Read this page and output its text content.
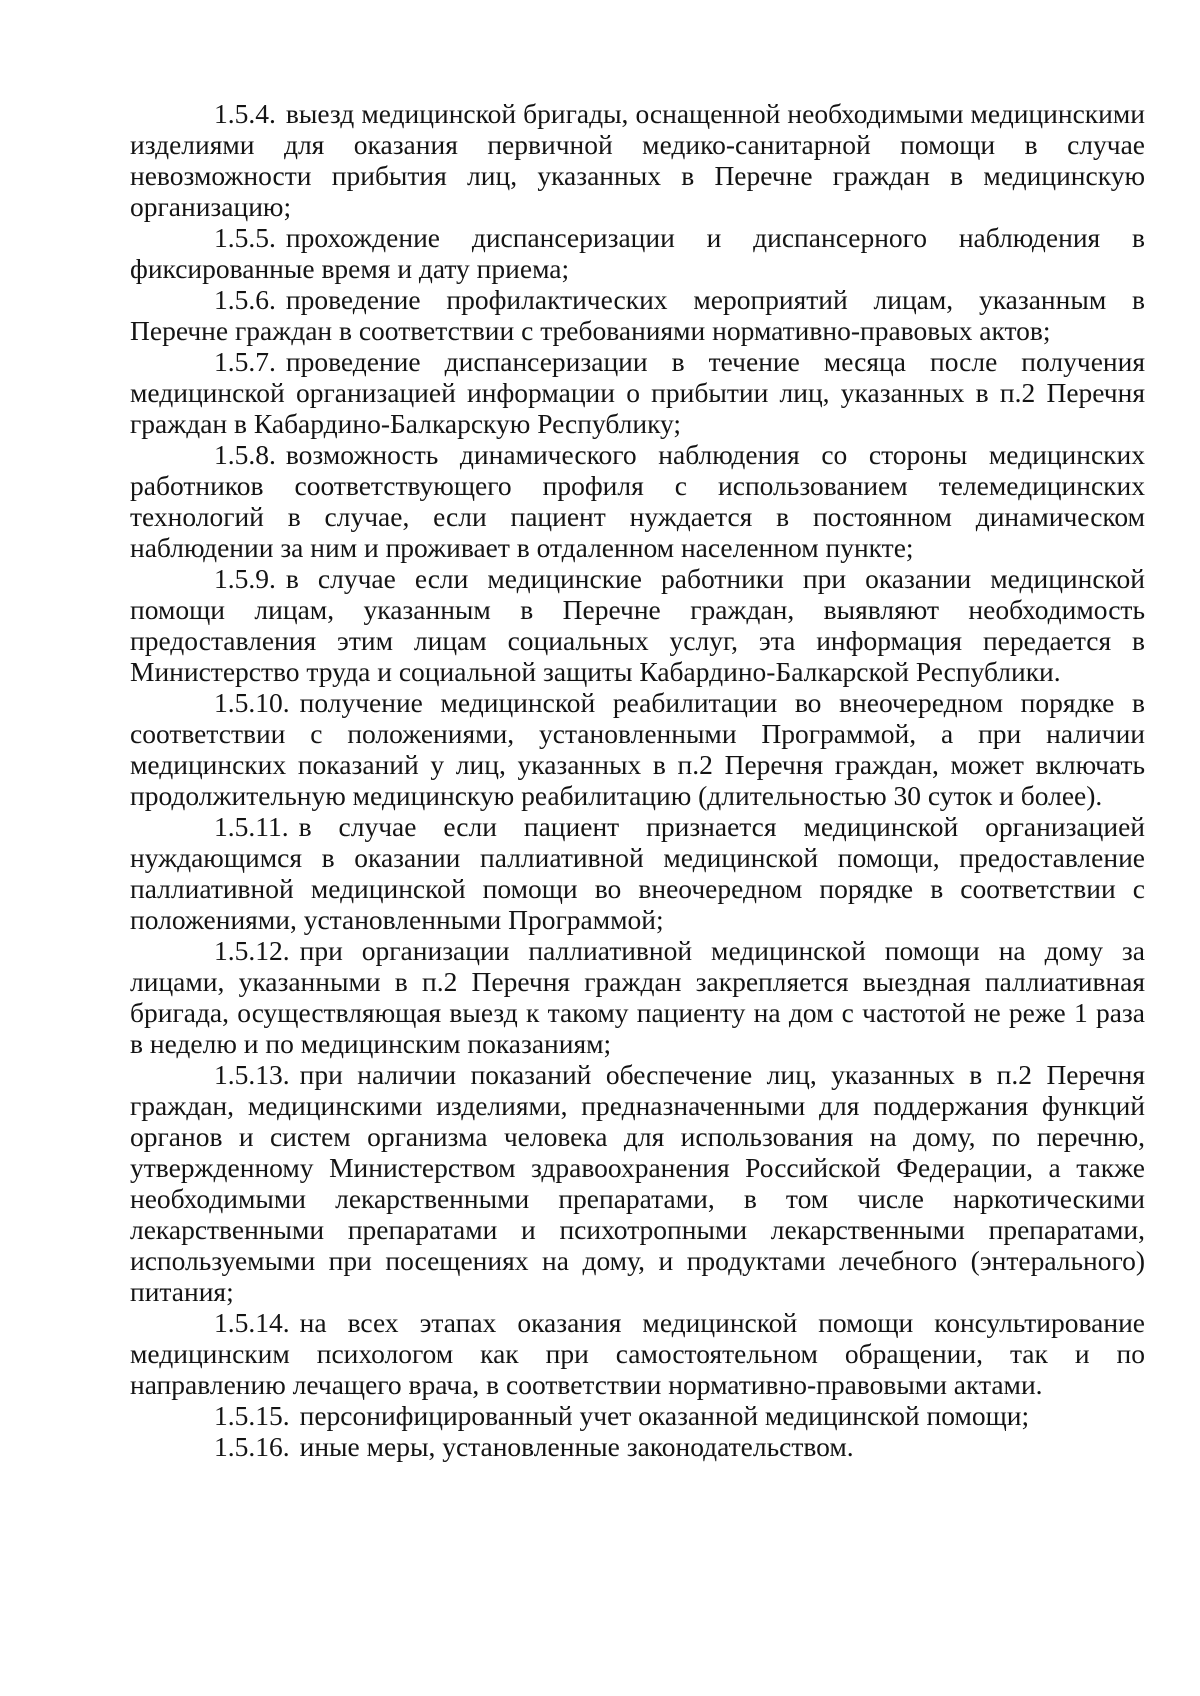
1.5.4. выезд медицинской бригады, оснащенной необходимыми медицинскими изделиями для оказания первичной медико-санитарной помощи в случае невозможности прибытия лиц, указанных в Перечне граждан в медицинскую организацию;

1.5.5. прохождение диспансеризации и диспансерного наблюдения в фиксированные время и дату приема;

1.5.6. проведение профилактических мероприятий лицам, указанным в Перечне граждан в соответствии с требованиями нормативно-правовых актов;

1.5.7. проведение диспансеризации в течение месяца после получения медицинской организацией информации о прибытии лиц, указанных в п.2 Перечня граждан в Кабардино-Балкарскую Республику;

1.5.8. возможность динамического наблюдения со стороны медицинских работников соответствующего профиля с использованием телемедицинских технологий в случае, если пациент нуждается в постоянном динамическом наблюдении за ним и проживает в отдаленном населенном пункте;

1.5.9. в случае если медицинские работники при оказании медицинской помощи лицам, указанным в Перечне граждан, выявляют необходимость предоставления этим лицам социальных услуг, эта информация передается в Министерство труда и социальной защиты Кабардино-Балкарской Республики.

1.5.10. получение медицинской реабилитации во внеочередном порядке в соответствии с положениями, установленными Программой, а при наличии медицинских показаний у лиц, указанных в п.2 Перечня граждан, может включать продолжительную медицинскую реабилитацию (длительностью 30 суток и более).

1.5.11. в случае если пациент признается медицинской организацией нуждающимся в оказании паллиативной медицинской помощи, предоставление паллиативной медицинской помощи во внеочередном порядке в соответствии с положениями, установленными Программой;

1.5.12. при организации паллиативной медицинской помощи на дому за лицами, указанными в п.2 Перечня граждан закрепляется выездная паллиативная бригада, осуществляющая выезд к такому пациенту на дом с частотой не реже 1 раза в неделю и по медицинским показаниям;

1.5.13. при наличии показаний обеспечение лиц, указанных в п.2 Перечня граждан, медицинскими изделиями, предназначенными для поддержания функций органов и систем организма человека для использования на дому, по перечню, утвержденному Министерством здравоохранения Российской Федерации, а также необходимыми лекарственными препаратами, в том числе наркотическими лекарственными препаратами и психотропными лекарственными препаратами, используемыми при посещениях на дому, и продуктами лечебного (энтерального) питания;

1.5.14. на всех этапах оказания медицинской помощи консультирование медицинским психологом как при самостоятельном обращении, так и по направлению лечащего врача, в соответствии нормативно-правовыми актами.

1.5.15. персонифицированный учет оказанной медицинской помощи;

1.5.16. иные меры, установленные законодательством.
